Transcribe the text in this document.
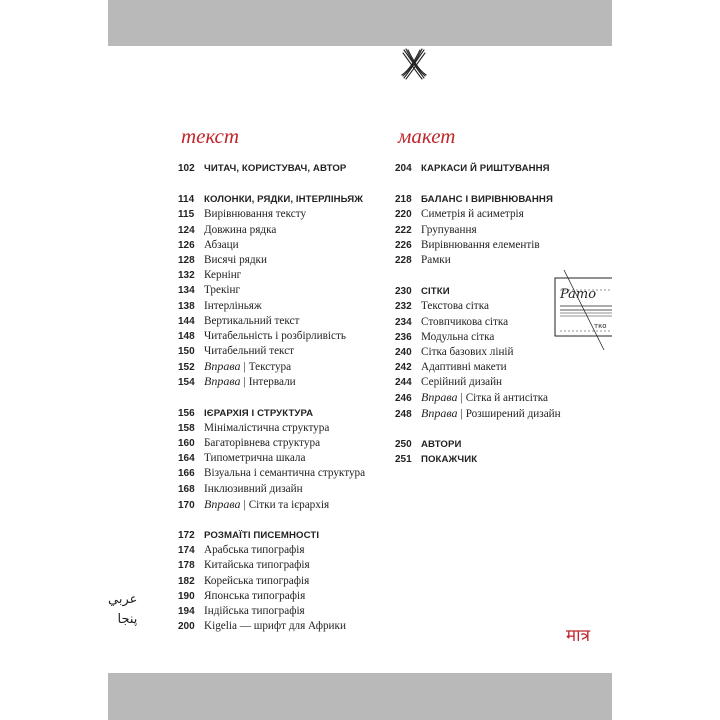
текст
102 ЧИТАЧ, КОРИСТУВАЧ, АВТОР
114	КОЛОНКИ, РЯДКИ, ІНТЕРЛІНЬЯЖ
115 Вирівнювання тексту
124 Довжина рядка
126 Абзаци
128 Висячі рядки
132 Кернінг
134 Трекінг
138 Інтерліньяж
144 Вертикальний текст
148 Читабельність і розбірливість
150 Читабельний текст
152 Вправа | Текстура
154 Вправа | Інтервали
156 ІЄРАРХІЯ І СТРУКТУРА
158 Мінімалістична структура
160 Багаторівнева структура
164 Типометрична шкала
166 Візуальна і семантична структура
168 Інклюзивний дизайн
170 Вправа | Сітки та ієрархія
172 РОЗМАЇТІ ПИСЕМНОСТІ
174 Арабська типографія
178 Китайська типографія
182 Корейська типографія
190 Японська типографія
194 Індійська типографія
200 Kigelia — шрифт для Африки
макет
204 КАРКАСИ Й РИШТУВАННЯ
218 БАЛАНС І ВИРІВНЮВАННЯ
220 Симетрія й асиметрія
222 Групування
226 Вирівнювання елементів
228 Рамки
230 СІТКИ
232 Текстова сітка
234 Стовпчикова сітка
236 Модульна сітка
240 Сітка базових ліній
242 Адаптивні макети
244 Серійний дизайн
246 Вправа | Сітка й антисітка
248 Вправа | Розширений дизайн
250 АВТОРИ
251 ПОКАЖЧИК
Pamo
тко
عربي
پنجا
मात्र
